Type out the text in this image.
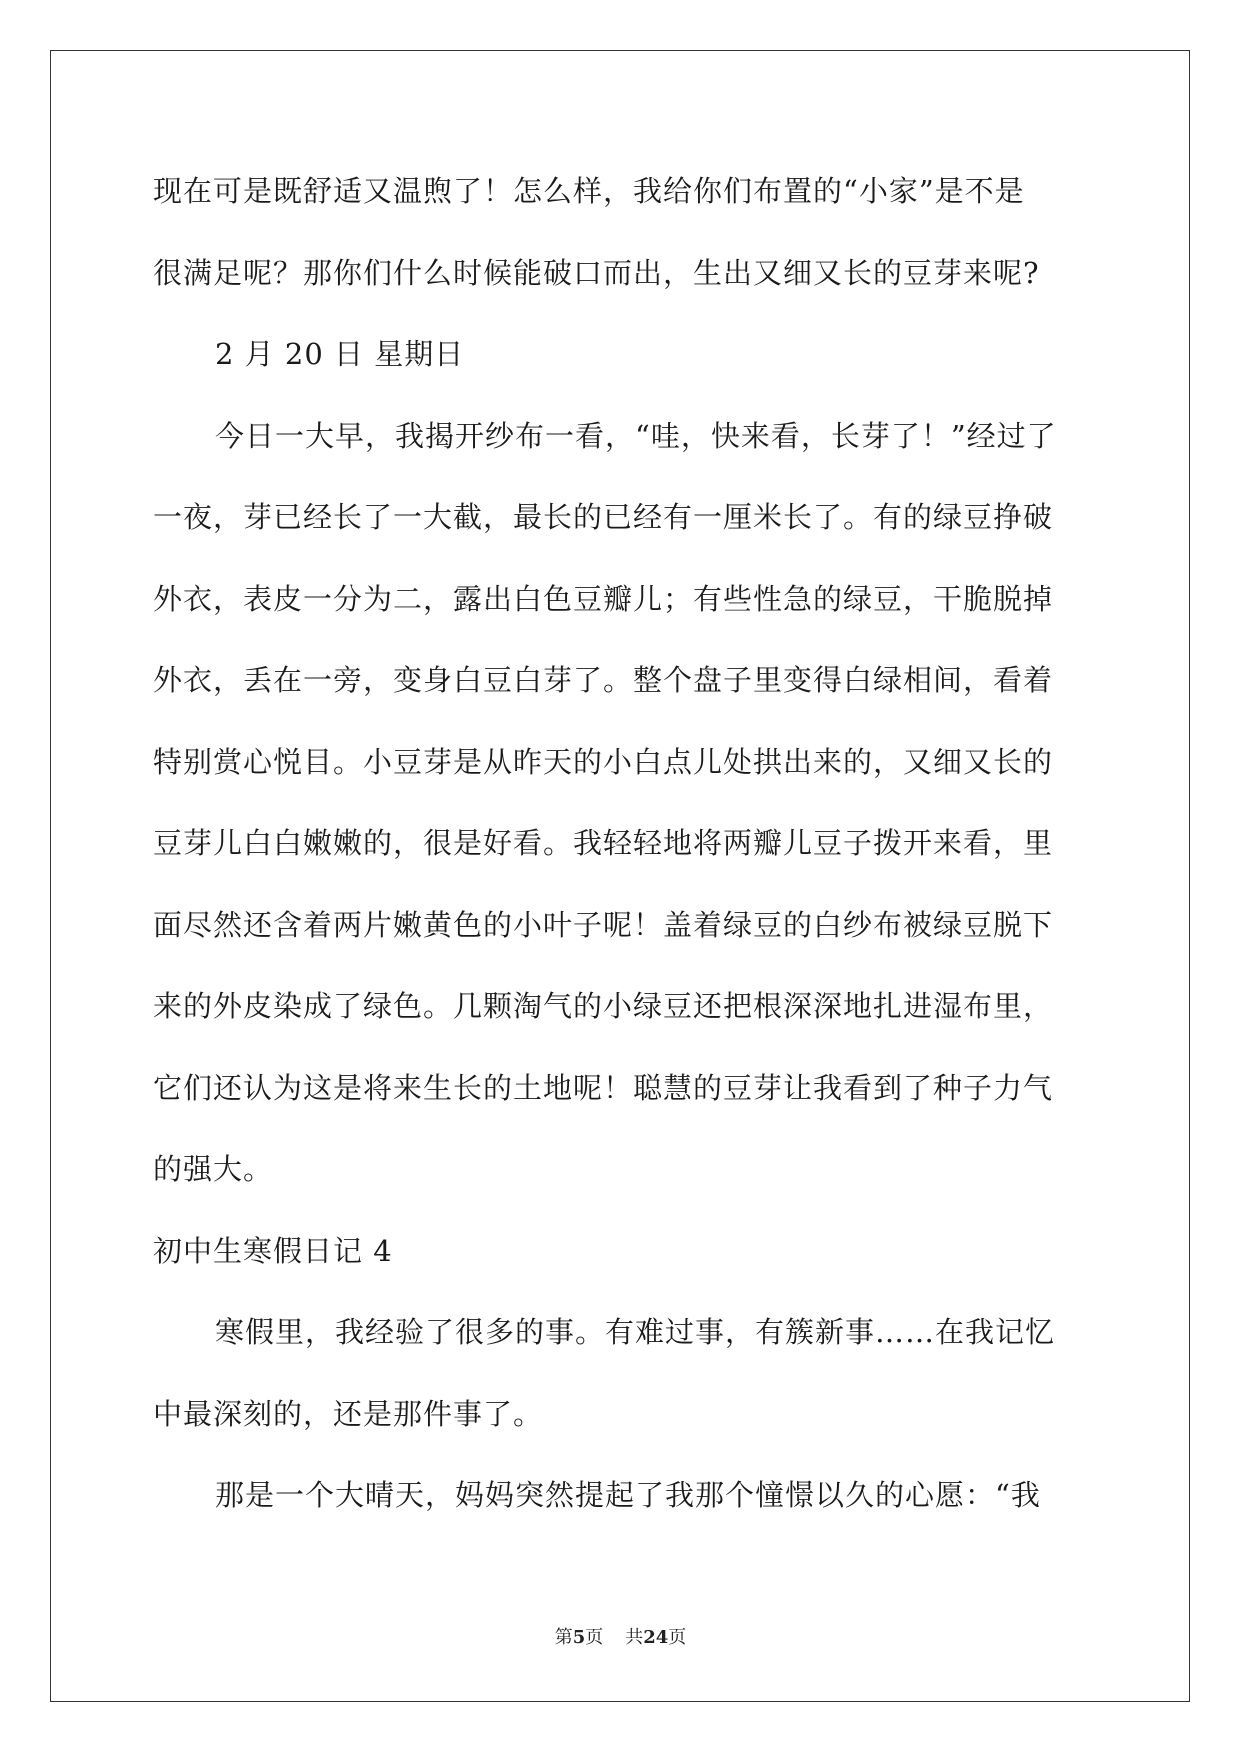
现在可是既舒适又温煦了！怎么样，我给你们布置的“小家”是不是
很满足呢？那你们什么时候能破口而出，生出又细又长的豆芽来呢?
2 月 20 日 星期日
今日一大早，我揭开纱布一看，“哇，快来看，长芽了！”经过了
一夜，芽已经长了一大截，最长的已经有一厘米长了。有的绿豆挣破
外衣，表皮一分为二，露出白色豆瓣儿；有些性急的绿豆，干脆脱掉
外衣，丢在一旁，变身白豆白芽了。整个盘子里变得白绿相间，看着
特别赏心悦目。小豆芽是从昨天的小白点儿处拱出来的，又细又长的
豆芽儿白白嫩嫩的，很是好看。我轻轻地将两瓣儿豆子拨开来看，里
面尽然还含着两片嫩黄色的小叶子呢！盖着绿豆的白纱布被绿豆脱下
来的外皮染成了绿色。几颗淘气的小绿豆还把根深深地扎进湿布里，
它们还认为这是将来生长的土地呢！聪慧的豆芽让我看到了种子力气
的强大。
初中生寒假日记 4
寒假里，我经验了很多的事。有难过事，有簇新事……在我记忆
中最深刻的，还是那件事了。
那是一个大晴天，妈妈突然提起了我那个憧憬以久的心愿：“我
第5页 共24页
